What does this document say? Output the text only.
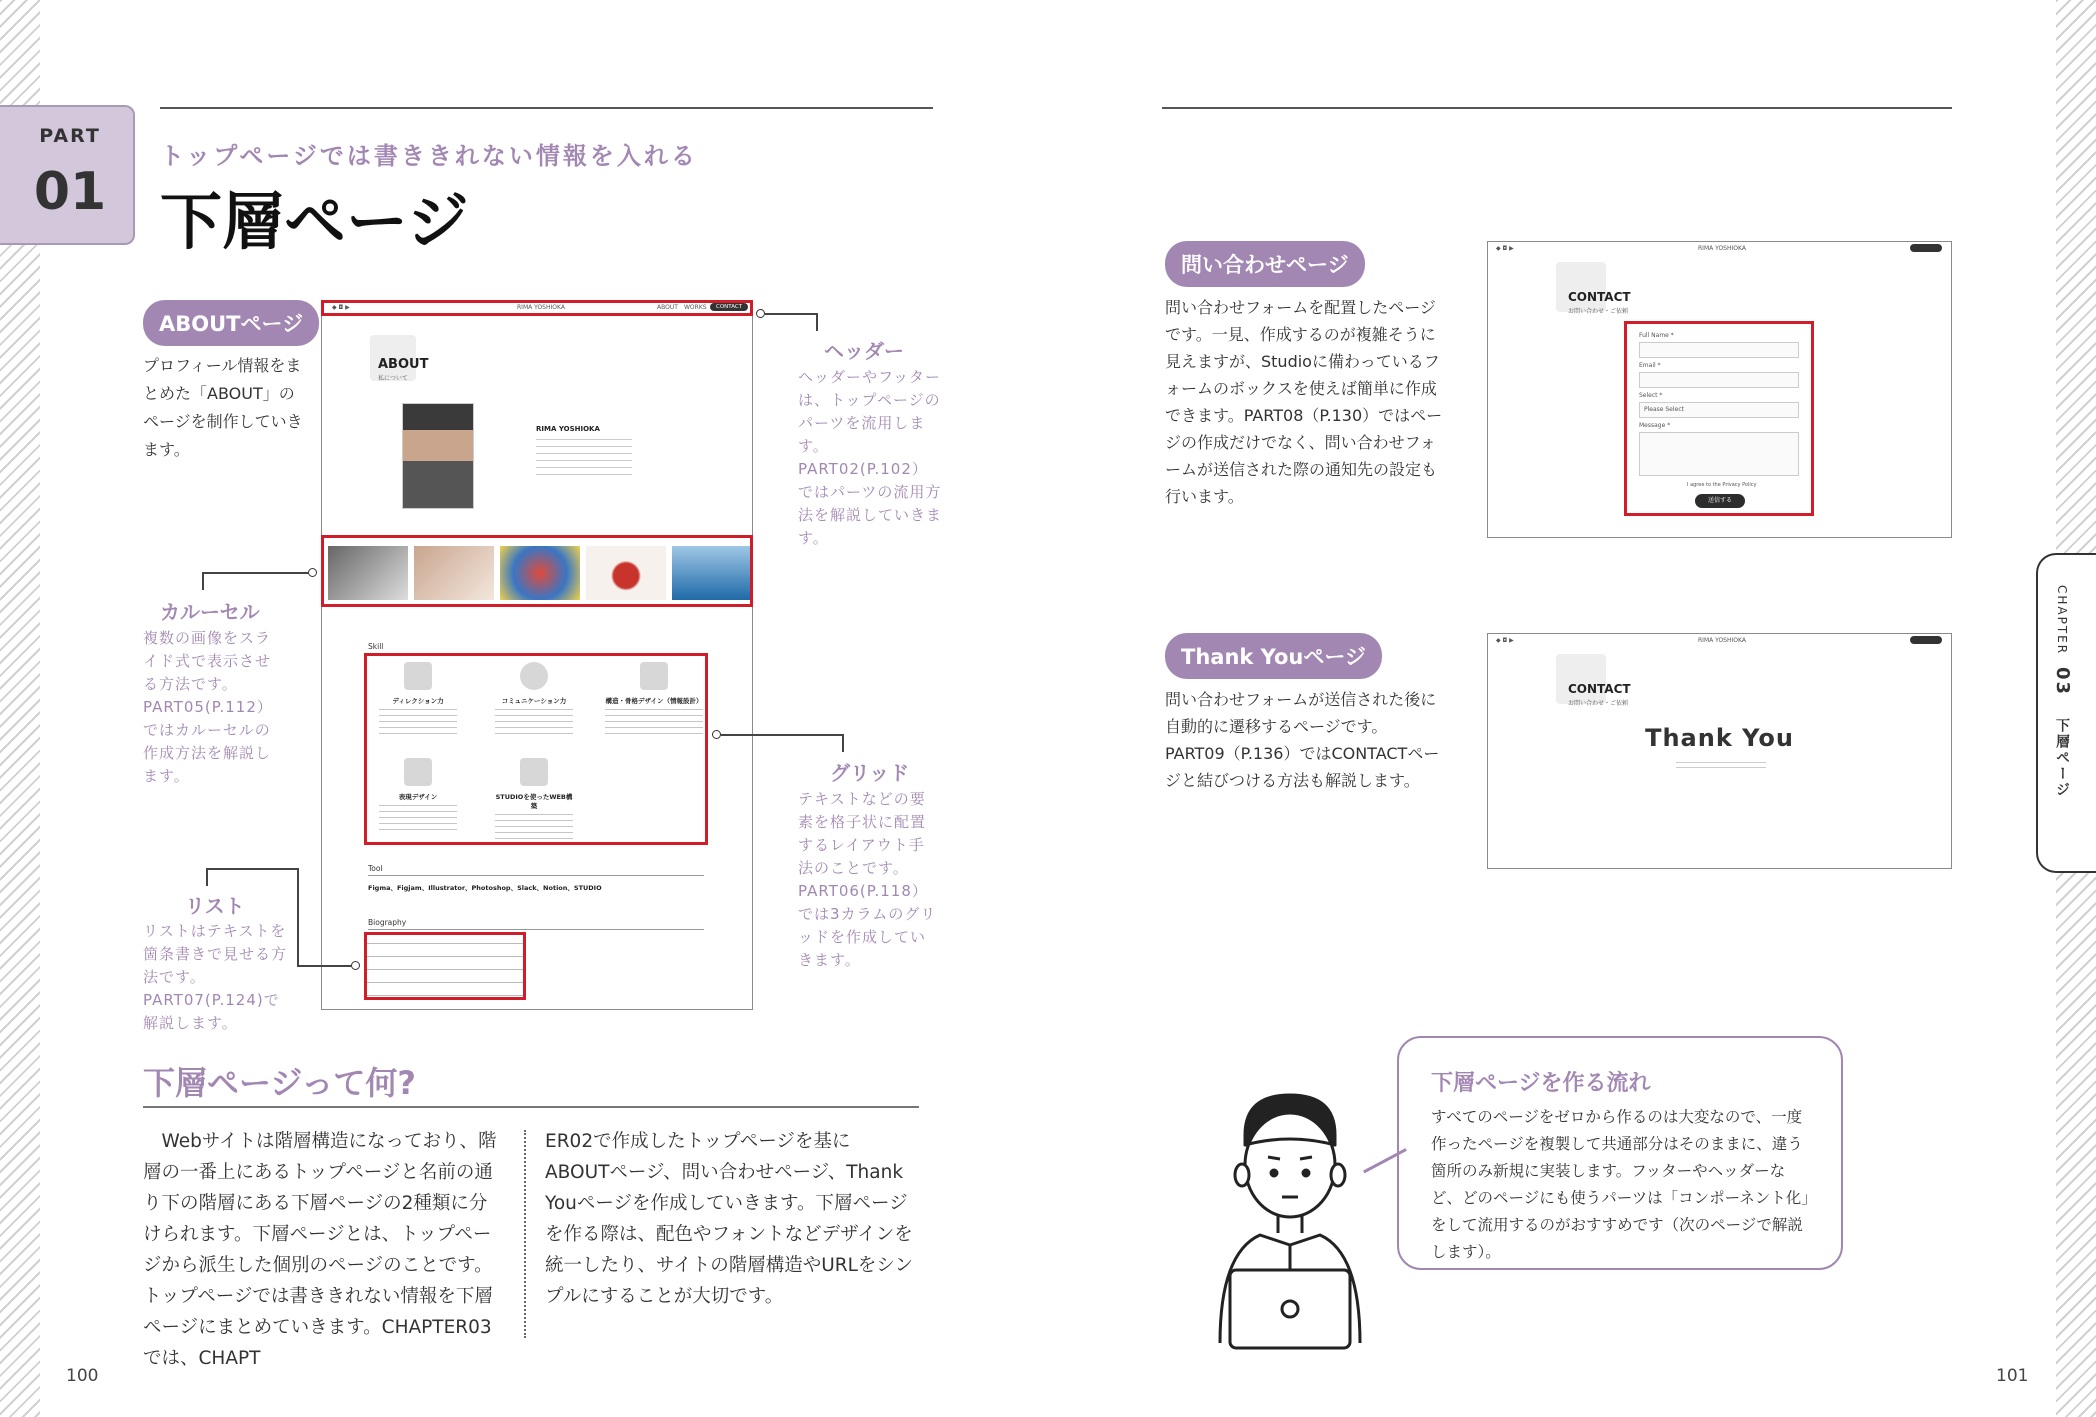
PART
01
トップページでは書ききれない情報を入れる
下層ページ
ABOUTページ
プロフィール情報をまとめた「ABOUT」のページを制作していきます。
◆ ◘ ▶	RIMA YOSHIOKA	ABOUT WORKS	CONTACT
ABOUT
私について
RIMA YOSHIOKA
Skill
Tool
Figma、Figjam、Illustrator、Photoshop、Slack、Notion、STUDIO
Biography
ディレクション力	コミュニケーション力	構造・骨格デザイン（情報設計）
表現デザイン	STUDIOを使ったWEB構築
ヘッダー
ヘッダーやフッターは、トップページのパーツを流用します。PART02(P.102）ではパーツの流用方法を解説していきます。
カルーセル
複数の画像をスライド式で表示させる方法です。PART05(P.112）ではカルーセルの作成方法を解説します。	グリッド
テキストなどの要素を格子状に配置するレイアウト手法のことです。PART06(P.118）では3カラムのグリッドを作成していきます。
リスト
リストはテキストを箇条書きで見せる方法です。PART07(P.124)で解説します。
下層ページって何?
　Webサイトは階層構造になっており、階層の一番上にあるトップページと名前の通り下の階層にある下層ページの2種類に分けられます。下層ページとは、トップページから派生した個別のページのことです。トップページでは書ききれない情報を下層ページにまとめていきます。CHAPTER03では、CHAPT
ER02で作成したトップページを基にABOUTページ、問い合わせページ、Thank Youページを作成していきます。下層ページを作る際は、配色やフォントなどデザインを統一したり、サイトの階層構造やURLをシンプルにすることが大切です。
100	101
問い合わせページ
問い合わせフォームを配置したページです。一見、作成するのが複雑そうに見えますが、Studioに備わっているフォームのボックスを使えば簡単に作成できます。PART08（P.130）ではページの作成だけでなく、問い合わせフォームが送信された際の通知先の設定も行います。
◆ ◘ ▶	RIMA YOSHIOKA
CONTACT
お問い合わせ・ご依頼
Full Name *
Email *
Select *
Please Select
Message *
I agree to the Privacy Policy
送信する
Thank Youページ
問い合わせフォームが送信された後に自動的に遷移するページです。PART09（P.136）ではCONTACTページと結びつける方法も解説します。
◆ ◘ ▶	RIMA YOSHIOKA
CONTACT
お問い合わせ・ご依頼
Thank You
下層ページを作る流れ
すべてのページをゼロから作るのは大変なので、一度作ったページを複製して共通部分はそのままに、違う箇所のみ新規に実装します。フッターやヘッダーなど、どのページにも使うパーツは「コンポーネント化」をして流用するのがおすすめです（次のページで解説します）。
CHAPTER 03 下層ページ
